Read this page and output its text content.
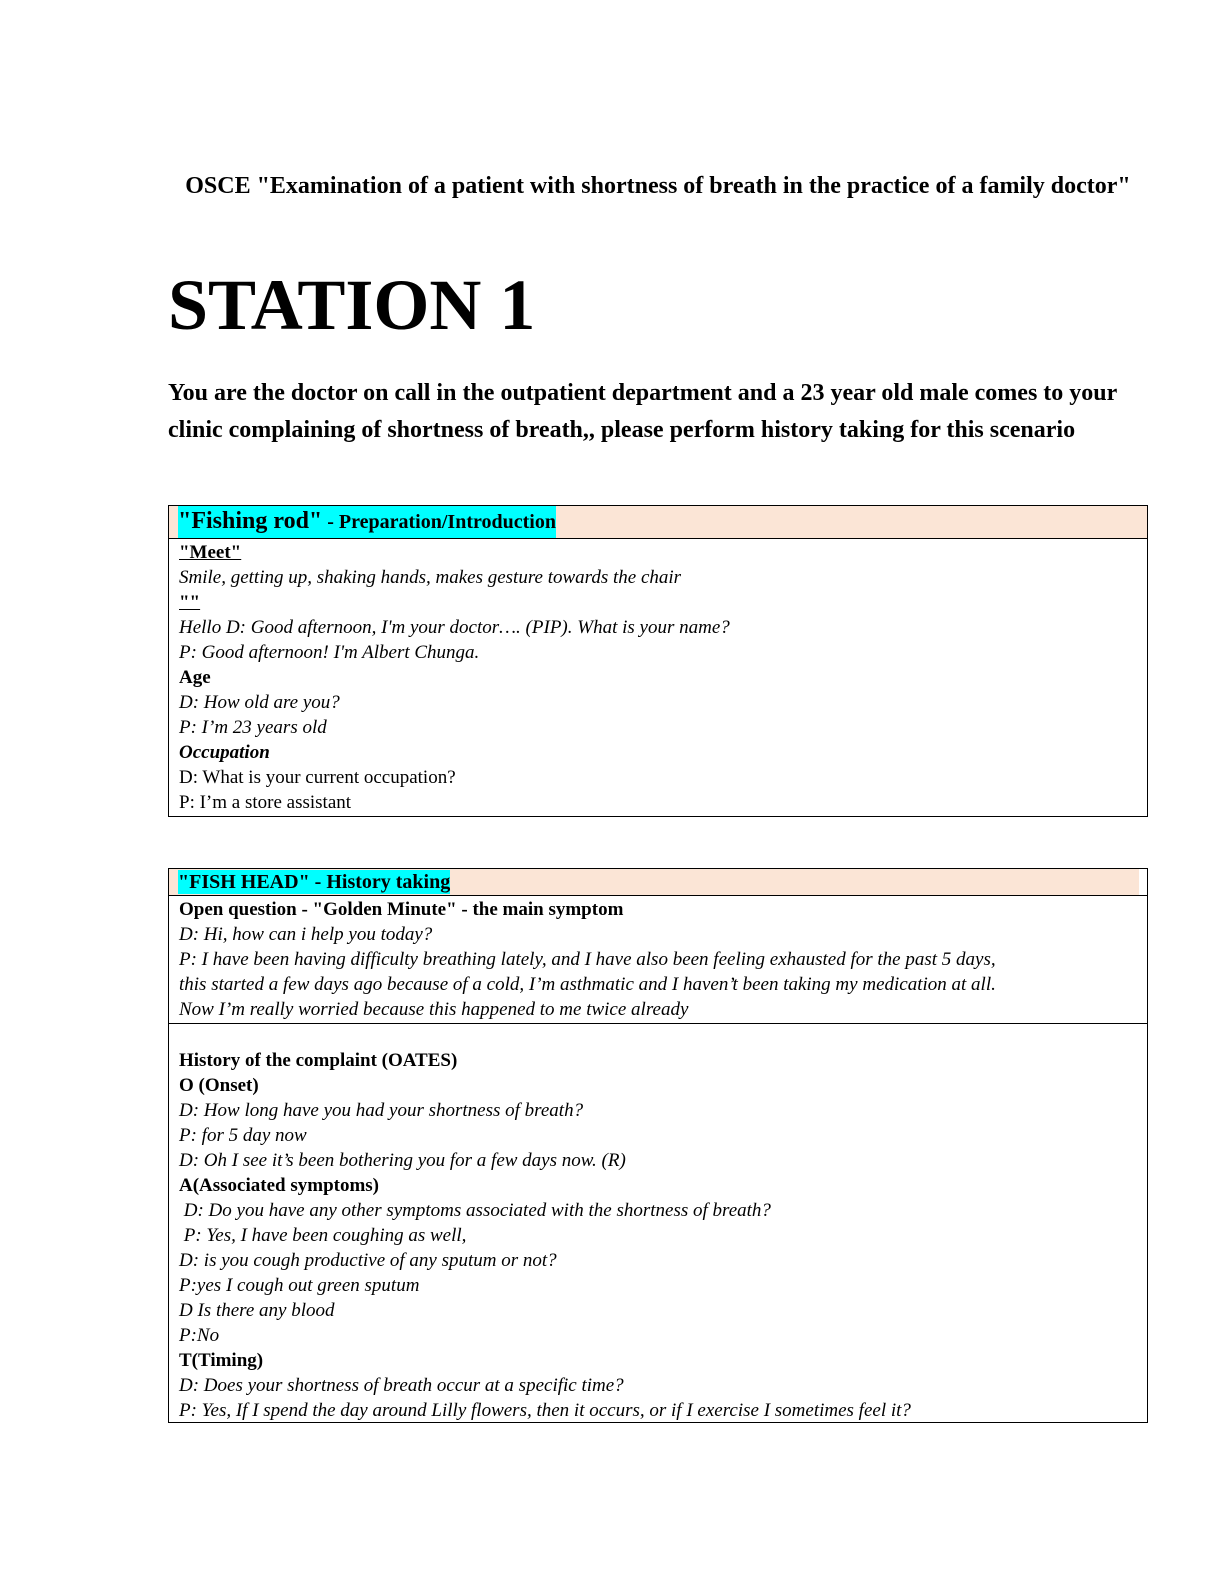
OSCE "Examination of a patient with shortness of breath in the practice of a family doctor"
STATION 1
You are the doctor on call in the outpatient department and a 23 year old male comes to your clinic complaining of shortness of breath,, please perform history taking for this scenario
"Fishing rod" - Preparation/Introduction
"Meet"
Smile, getting up, shaking hands, makes gesture towards the chair
""
Hello D: Good afternoon, I'm your doctor…. (PIP). What is your name?
P: Good afternoon! I'm Albert Chunga.
Age
D: How old are you?
P: I’m 23 years old
Occupation
D: What is your current occupation?
P: I’m a store assistant
"FISH HEAD" - History taking
Open question - "Golden Minute" - the main symptom
D: Hi, how can i help you today?
P: I have been having difficulty breathing lately, and I have also been feeling exhausted for the past 5 days,
this started a few days ago because of a cold, I’m asthmatic and I haven’t been taking my medication at all.
Now I’m really worried because this happened to me twice already
History of the complaint (OATES)
O (Onset)
D: How long have you had your shortness of breath?
P: for 5 day now
D: Oh I see it’s been bothering you for a few days now. (R)
A(Associated symptoms)
D: Do you have any other symptoms associated with the shortness of breath?
P: Yes, I have been coughing as well,
D: is you cough productive of any sputum or not?
P:yes I cough out green sputum
D Is there any blood
P:No
T(Timing)
D: Does your shortness of breath occur at a specific time?
P: Yes, If I spend the day around Lilly flowers, then it occurs, or if I exercise I sometimes feel it?
